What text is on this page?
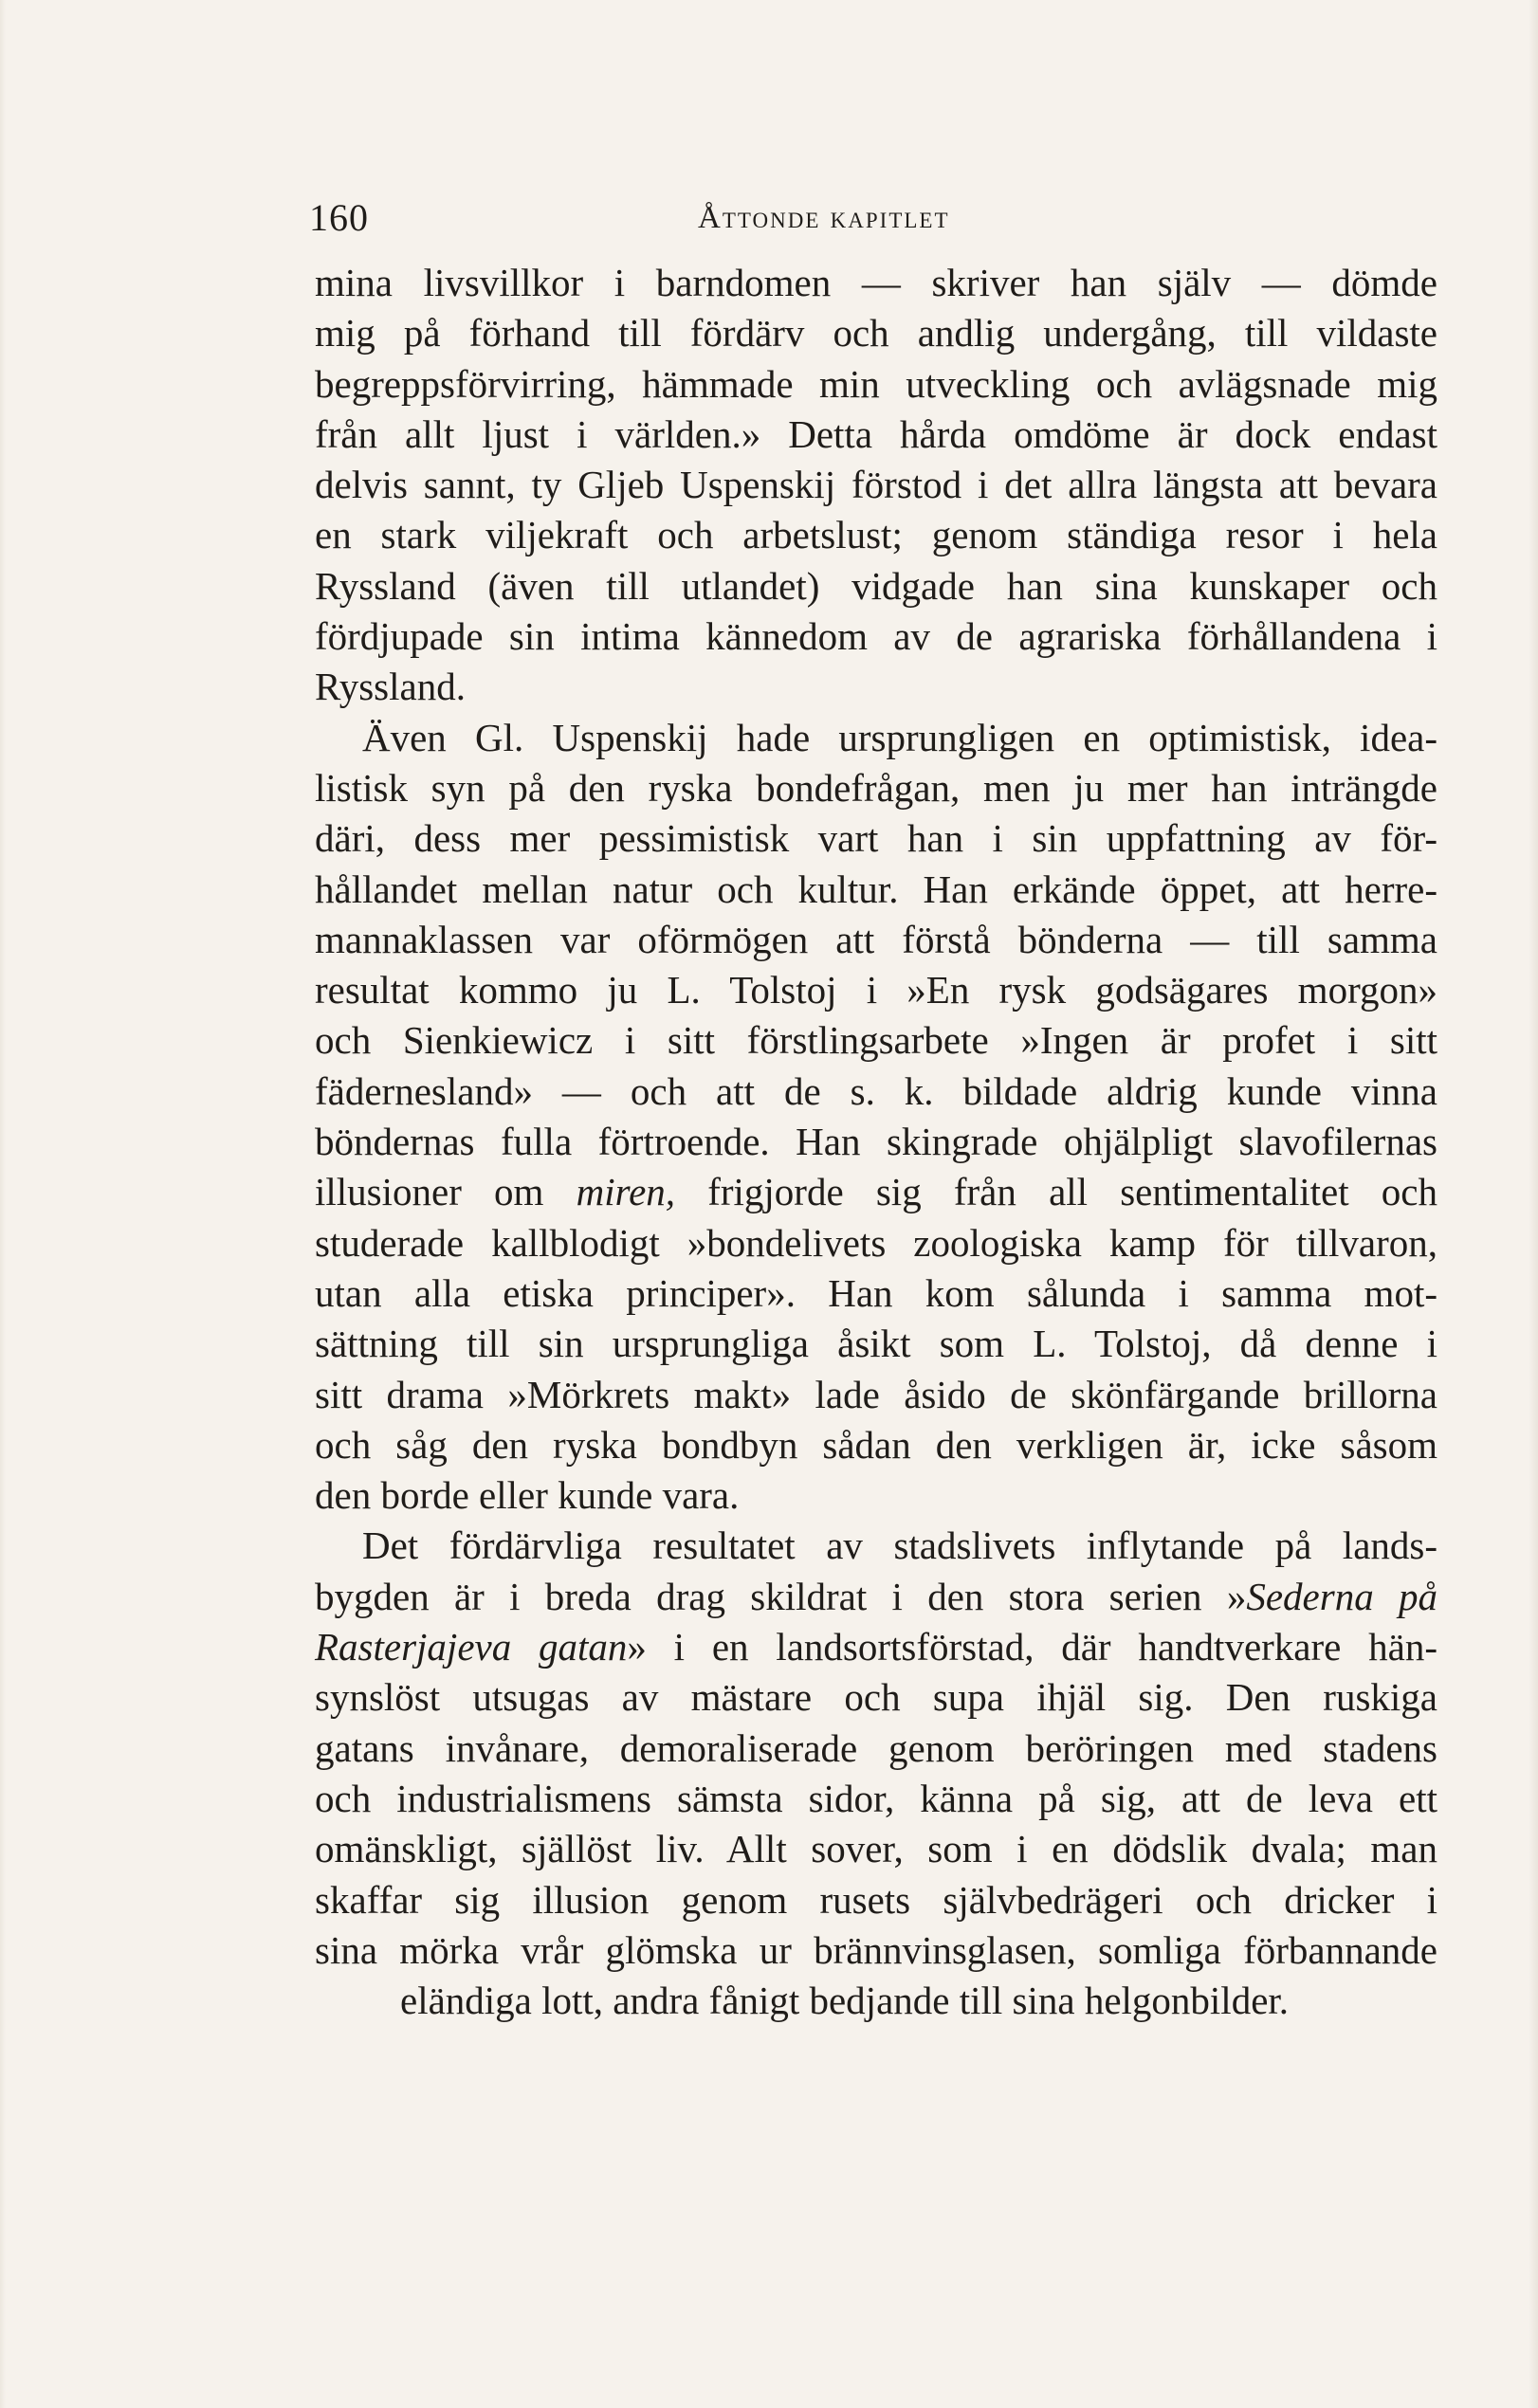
160	Åttonde kapitlet
mina livsvillkor i barndomen — skriver han själv — dömde
mig på förhand till fördärv och andlig undergång, till vildaste
begreppsförvirring, hämmade min utveckling och avlägsnade mig
från allt ljust i världen.» Detta hårda omdöme är dock endast
delvis sannt, ty Gljeb Uspenskij förstod i det allra längsta att bevara
en stark viljekraft och arbetslust; genom ständiga resor i hela
Ryssland (även till utlandet) vidgade han sina kunskaper och
fördjupade sin intima kännedom av de agrariska förhållandena i
Ryssland.
Även Gl. Uspenskij hade ursprungligen en optimistisk, idea-
listisk syn på den ryska bondefrågan, men ju mer han inträngde
däri, dess mer pessimistisk vart han i sin uppfattning av för-
hållandet mellan natur och kultur. Han erkände öppet, att herre-
mannaklassen var oförmögen att förstå bönderna — till samma
resultat kommo ju L. Tolstoj i »En rysk godsägares morgon»
och Sienkiewicz i sitt förstlingsarbete »Ingen är profet i sitt
fädernesland» — och att de s. k. bildade aldrig kunde vinna
böndernas fulla förtroende. Han skingrade ohjälpligt slavofilernas
illusioner om miren, frigjorde sig från all sentimentalitet och
studerade kallblodigt »bondelivets zoologiska kamp för tillvaron,
utan alla etiska principer». Han kom sålunda i samma mot-
sättning till sin ursprungliga åsikt som L. Tolstoj, då denne i
sitt drama »Mörkrets makt» lade åsido de skönfärgande brillorna
och såg den ryska bondbyn sådan den verkligen är, icke såsom
den borde eller kunde vara.
Det fördärvliga resultatet av stadslivets inflytande på lands-
bygden är i breda drag skildrat i den stora serien »Sederna på
Rasterjajeva gatan» i en landsortsförstad, där handtverkare hän-
synslöst utsugas av mästare och supa ihjäl sig. Den ruskiga
gatans invånare, demoraliserade genom beröringen med stadens
och industrialismens sämsta sidor, känna på sig, att de leva ett
omänskligt, själlöst liv. Allt sover, som i en dödslik dvala; man
skaffar sig illusion genom rusets självbedrägeri och dricker i
sina mörka vrår glömska ur brännvinsglasen, somliga förbannande
eländiga lott, andra fånigt bedjande till sina helgonbilder.
